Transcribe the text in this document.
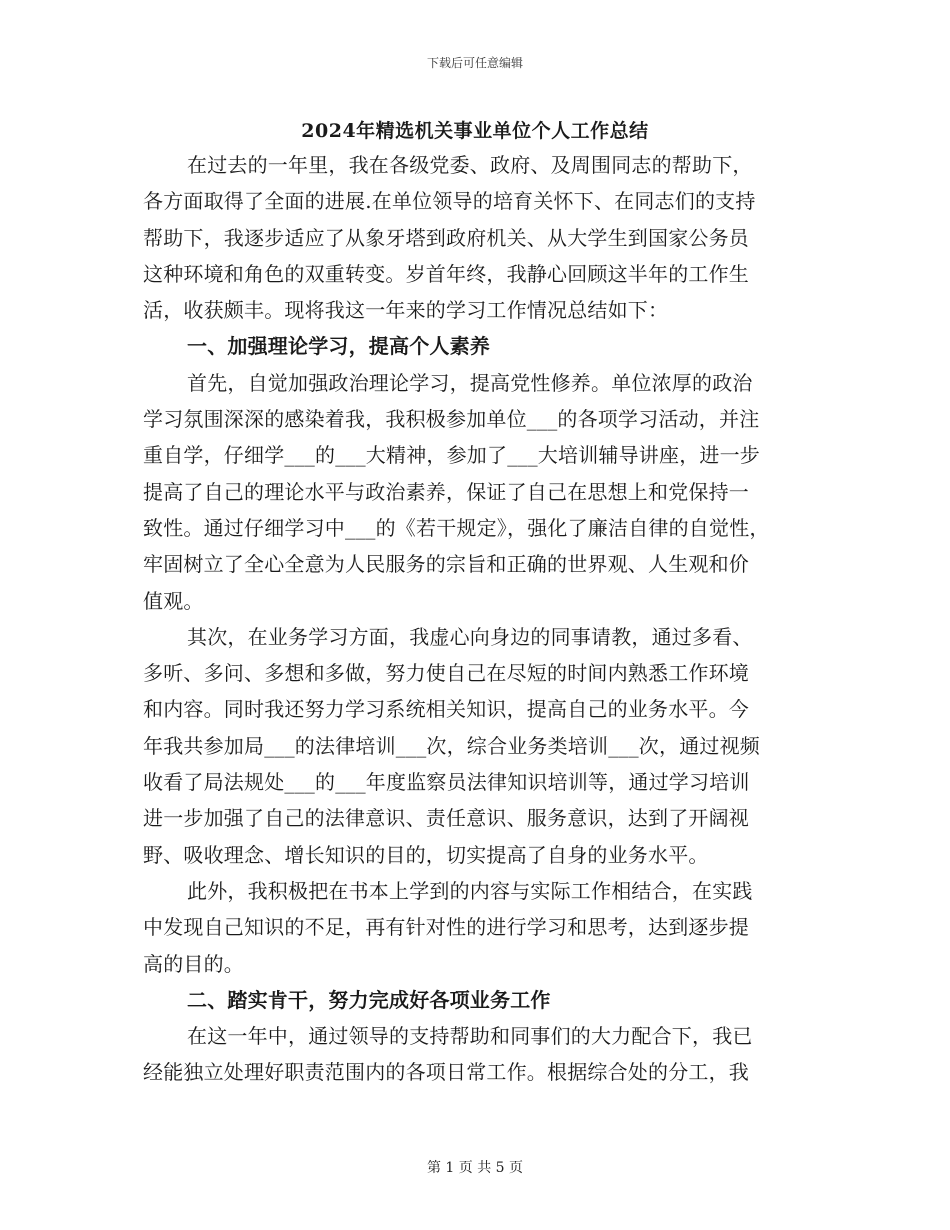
下载后可任意编辑
2024年精选机关事业单位个人工作总结
在过去的一年里，我在各级党委、政府、及周围同志的帮助下，
各方面取得了全面的进展.在单位领导的培育关怀下、在同志们的支持
帮助下，我逐步适应了从象牙塔到政府机关、从大学生到国家公务员
这种环境和角色的双重转变。岁首年终，我静心回顾这半年的工作生
活，收获颇丰。现将我这一年来的学习工作情况总结如下：
一、加强理论学习，提高个人素养
首先，自觉加强政治理论学习，提高党性修养。单位浓厚的政治
学习氛围深深的感染着我，我积极参加单位___的各项学习活动，并注
重自学，仔细学___的___大精神，参加了___大培训辅导讲座，进一步
提高了自己的理论水平与政治素养，保证了自己在思想上和党保持一
致性。通过仔细学习中___的《若干规定》，强化了廉洁自律的自觉性，
牢固树立了全心全意为人民服务的宗旨和正确的世界观、人生观和价
值观。
其次，在业务学习方面，我虚心向身边的同事请教，通过多看、
多听、多问、多想和多做，努力使自己在尽短的时间内熟悉工作环境
和内容。同时我还努力学习系统相关知识，提高自己的业务水平。今
年我共参加局___的法律培训___次，综合业务类培训___次，通过视频
收看了局法规处___的___年度监察员法律知识培训等，通过学习培训
进一步加强了自己的法律意识、责任意识、服务意识，达到了开阔视
野、吸收理念、增长知识的目的，切实提高了自身的业务水平。
此外，我积极把在书本上学到的内容与实际工作相结合，在实践
中发现自己知识的不足，再有针对性的进行学习和思考，达到逐步提
高的目的。
二、踏实肯干，努力完成好各项业务工作
在这一年中，通过领导的支持帮助和同事们的大力配合下，我已
经能独立处理好职责范围内的各项日常工作。根据综合处的分工，我
第 1 页 共 5 页
